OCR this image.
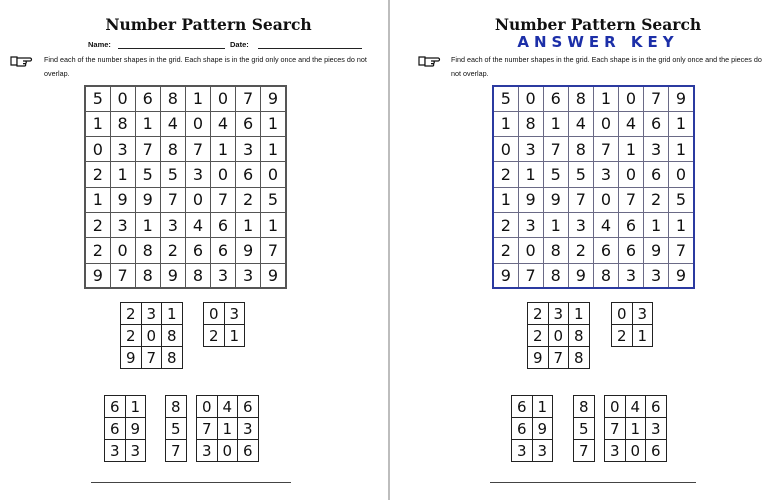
Number Pattern Search
Name:	Date:
Find each of the number shapes in the grid. Each shape is in the grid only once and the pieces do not overlap.
5	0	6	8	1	0	7	9
1	8	1	4	0	4	6	1
0	3	7	8	7	1	3	1
2	1	5	5	3	0	6	0
1	9	9	7	0	7	2	5
2	3	1	3	4	6	1	1
2	0	8	2	6	6	9	7
9	7	8	9	8	3	3	9
2	3	1
2	0	8
9	7	8
0	3
2	1
6	1
6	9
3	3
8
5
7
0	4	6
7	1	3
3	0	6
Number Pattern Search
ANSWER KEY
Find each of the number shapes in the grid. Each shape is in the grid only once and the pieces do not overlap.
5	0	6	8	1	0	7	9
1	8	1	4	0	4	6	1
0	3	7	8	7	1	3	1
2	1	5	5	3	0	6	0
1	9	9	7	0	7	2	5
2	3	1	3	4	6	1	1
2	0	8	2	6	6	9	7
9	7	8	9	8	3	3	9
2	3	1
2	0	8
9	7	8
0	3
2	1
6	1
6	9
3	3
8
5
7
0	4	6
7	1	3
3	0	6
